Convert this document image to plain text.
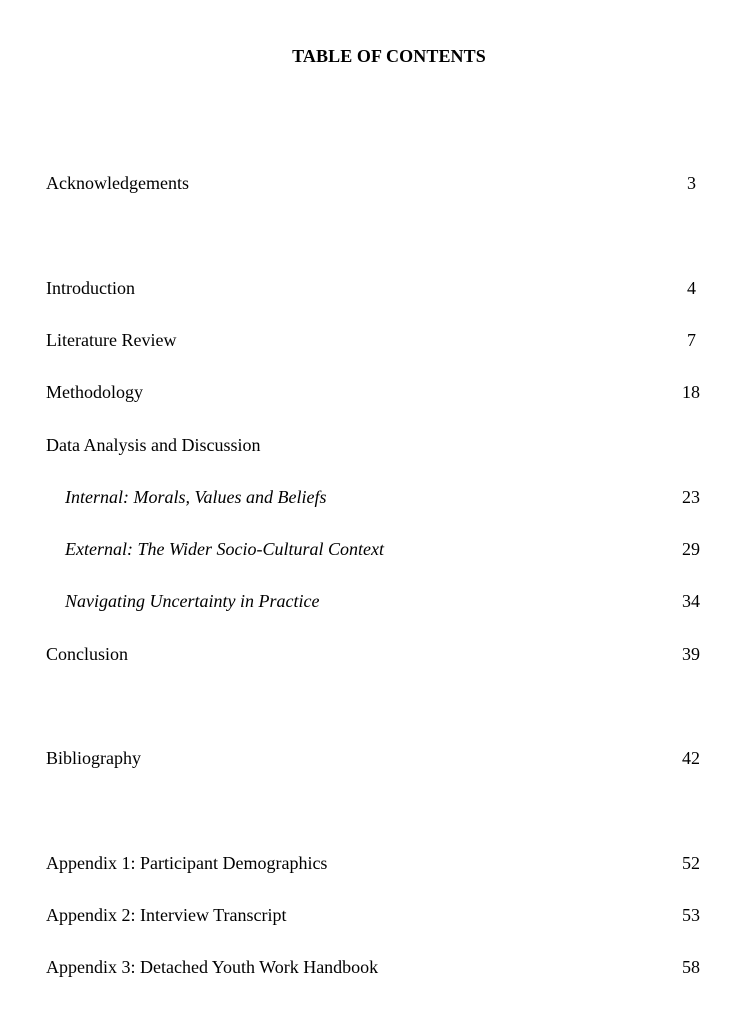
TABLE OF CONTENTS
Acknowledgements	3
Introduction	4
Literature Review	7
Methodology	18
Data Analysis and Discussion
Internal: Morals, Values and Beliefs	23
External: The Wider Socio-Cultural Context	29
Navigating Uncertainty in Practice	34
Conclusion	39
Bibliography	42
Appendix 1: Participant Demographics	52
Appendix 2: Interview Transcript	53
Appendix 3: Detached Youth Work Handbook	58
